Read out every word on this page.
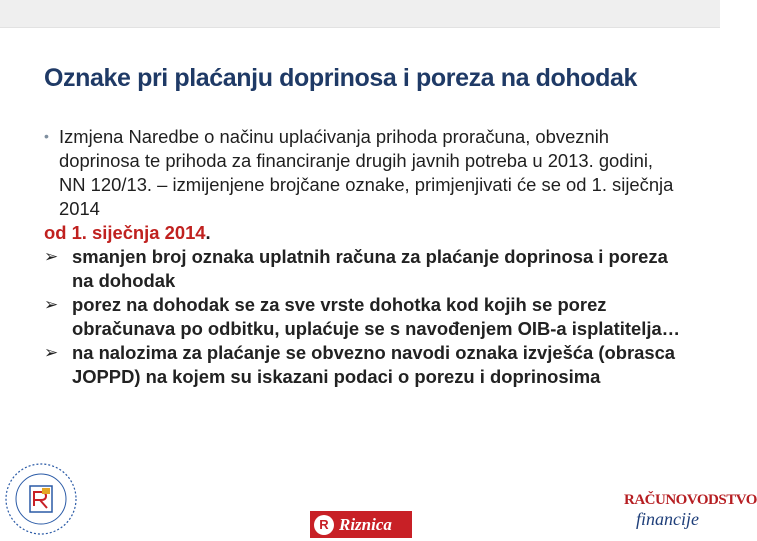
Oznake pri plaćanju doprinosa i poreza na dohodak

• Izmjena Naredbe o načinu uplaćivanja prihoda proračuna, obveznih doprinosa te prihoda za financiranje drugih javnih potreba u 2013. godini, NN 120/13. – izmijenjene brojčane oznake, primjenjivati će se od 1. siječnja 2014

od 1. siječnja 2014.

➢ smanjen broj oznaka uplatnih računa za plaćanje doprinosa i poreza na dohodak

➢ porez na dohodak se za sve vrste dohotka kod kojih se porez obračunava po odbitku, uplaćuje se s navođenjem OIB-a isplatitelja…

➢ na nalozima za plaćanje se obvezno navodi oznaka izvješća (obrasca JOPPD) na kojem su iskazani podaci o porezu i doprinosima

R Riznica
RAČUNOVODSTVO
financije
